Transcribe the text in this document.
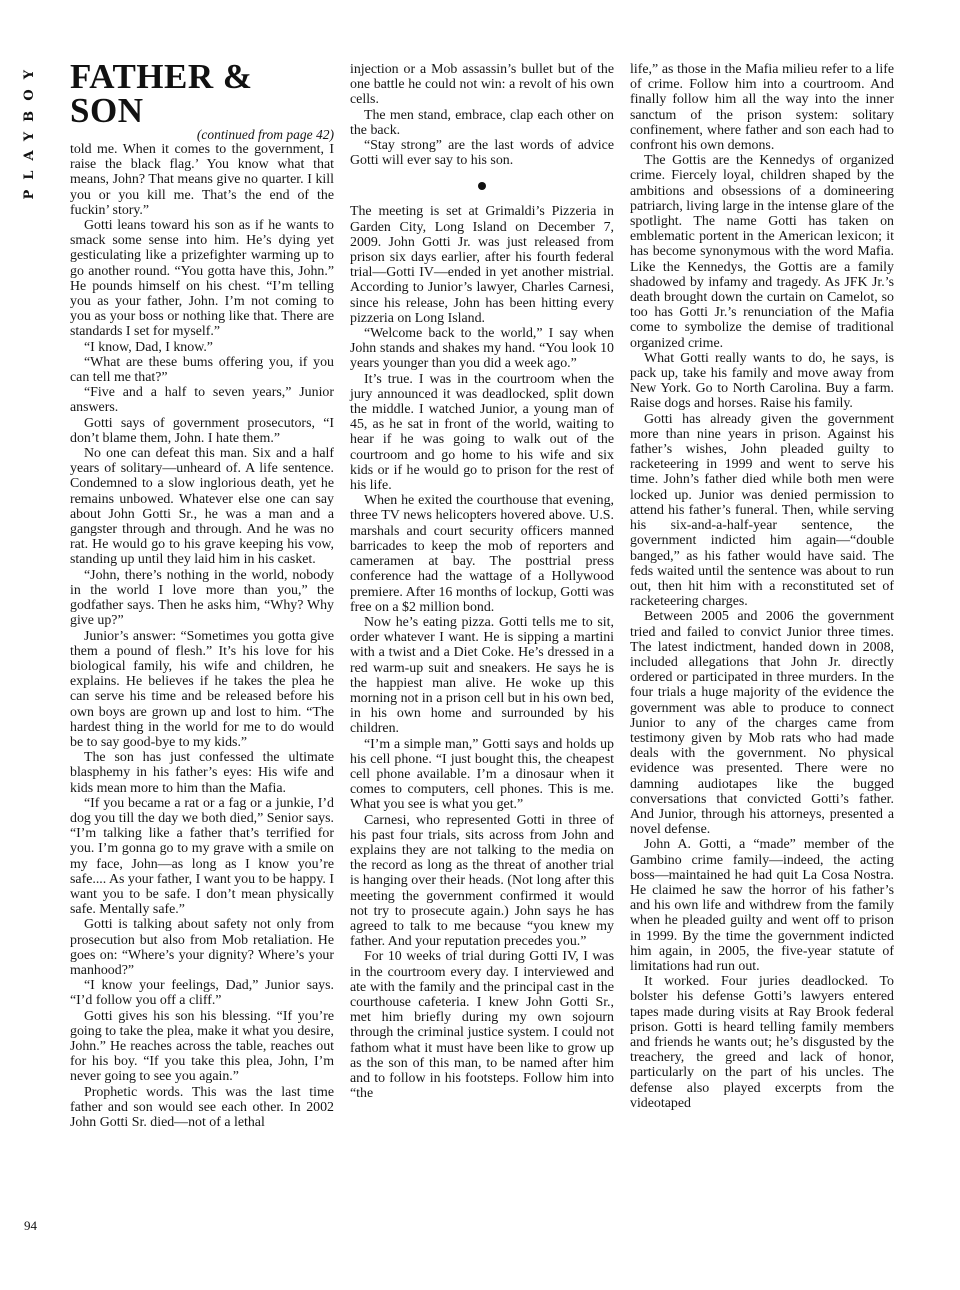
PLAYBOY
94
FATHER & SON
(continued from page 42)

told me. When it comes to the government, I raise the black flag.’ You know what that means, John? That means give no quarter. I kill you or you kill me. That’s the end of the fuckin’ story.”

Gotti leans toward his son as if he wants to smack some sense into him. He’s dying yet gesticulating like a prizefighter warming up to go another round. “You gotta have this, John.” He pounds himself on his chest. “I’m telling you as your father, John. I’m not coming to you as your boss or nothing like that. There are standards I set for myself.”

“I know, Dad, I know.”

“What are these bums offering you, if you can tell me that?”

“Five and a half to seven years,” Junior answers.

Gotti says of government prosecutors, “I don’t blame them, John. I hate them.”

No one can defeat this man. Six and a half years of solitary—unheard of. A life sentence. Condemned to a slow inglorious death, yet he remains unbowed. Whatever else one can say about John Gotti Sr., he was a man and a gangster through and through. And he was no rat. He would go to his grave keeping his vow, standing up until they laid him in his casket.

“John, there’s nothing in the world, nobody in the world I love more than you,” the godfather says. Then he asks him, “Why? Why give up?”

Junior’s answer: “Sometimes you gotta give them a pound of flesh.” It’s his love for his biological family, his wife and children, he explains. He believes if he takes the plea he can serve his time and be released before his own boys are grown up and lost to him. “The hardest thing in the world for me to do would be to say good-bye to my kids.”

The son has just confessed the ultimate blasphemy in his father’s eyes: His wife and kids mean more to him than the Mafia.

“If you became a rat or a fag or a junkie, I’d dog you till the day we both died,” Senior says. “I’m talking like a father that’s terrified for you. I’m gonna go to my grave with a smile on my face, John—as long as I know you’re safe.... As your father, I want you to be happy. I want you to be safe. I don’t mean physically safe. Mentally safe.”

Gotti is talking about safety not only from prosecution but also from Mob retaliation. He goes on: “Where’s your dignity? Where’s your manhood?”

“I know your feelings, Dad,” Junior says. “I’d follow you off a cliff.”

Gotti gives his son his blessing. “If you’re going to take the plea, make it what you desire, John.” He reaches across the table, reaches out for his boy. “If you take this plea, John, I’m never going to see you again.”

Prophetic words. This was the last time father and son would see each other. In 2002 John Gotti Sr. died—not of a lethal

injection or a Mob assassin’s bullet but of the one battle he could not win: a revolt of his own cells.

The men stand, embrace, clap each other on the back.

“Stay strong” are the last words of advice Gotti will ever say to his son.

The meeting is set at Grimaldi’s Pizzeria in Garden City, Long Island on December 7, 2009. John Gotti Jr. was just released from prison six days earlier, after his fourth federal trial—Gotti IV—ended in yet another mistrial. According to Junior’s lawyer, Charles Carnesi, since his release, John has been hitting every pizzeria on Long Island.

“Welcome back to the world,” I say when John stands and shakes my hand. “You look 10 years younger than you did a week ago.”

It’s true. I was in the courtroom when the jury announced it was deadlocked, split down the middle. I watched Junior, a young man of 45, as he sat in front of the world, waiting to hear if he was going to walk out of the courtroom and go home to his wife and six kids or if he would go to prison for the rest of his life.

When he exited the courthouse that evening, three TV news helicopters hovered above. U.S. marshals and court security officers manned barricades to keep the mob of reporters and cameramen at bay. The posttrial press conference had the wattage of a Hollywood premiere. After 16 months of lockup, Gotti was free on a $2 million bond.

Now he’s eating pizza. Gotti tells me to sit, order whatever I want. He is sipping a martini with a twist and a Diet Coke. He’s dressed in a red warm-up suit and sneakers. He says he is the happiest man alive. He woke up this morning not in a prison cell but in his own bed, in his own home and surrounded by his children.

“I’m a simple man,” Gotti says and holds up his cell phone. “I just bought this, the cheapest cell phone available. I’m a dinosaur when it comes to computers, cell phones. This is me. What you see is what you get.”

Carnesi, who represented Gotti in three of his past four trials, sits across from John and explains they are not talking to the media on the record as long as the threat of another trial is hanging over their heads. (Not long after this meeting the government confirmed it would not try to prosecute again.) John says he has agreed to talk to me because “you knew my father. And your reputation precedes you.”

For 10 weeks of trial during Gotti IV, I was in the courtroom every day. I interviewed and ate with the family and the principal cast in the courthouse cafeteria. I knew John Gotti Sr., met him briefly during my own sojourn through the criminal justice system. I could not fathom what it must have been like to grow up as the son of this man, to be named after him and to follow in his footsteps. Follow him into “the

life,” as those in the Mafia milieu refer to a life of crime. Follow him into a courtroom. And finally follow him all the way into the inner sanctum of the prison system: solitary confinement, where father and son each had to confront his own demons.

The Gottis are the Kennedys of organized crime. Fiercely loyal, children shaped by the ambitions and obsessions of a domineering patriarch, living large in the intense glare of the spotlight. The name Gotti has taken on emblematic portent in the American lexicon; it has become synonymous with the word Mafia. Like the Kennedys, the Gottis are a family shadowed by infamy and tragedy. As JFK Jr.’s death brought down the curtain on Camelot, so too has Gotti Jr.’s renunciation of the Mafia come to symbolize the demise of traditional organized crime.

What Gotti really wants to do, he says, is pack up, take his family and move away from New York. Go to North Carolina. Buy a farm. Raise dogs and horses. Raise his family.

Gotti has already given the government more than nine years in prison. Against his father’s wishes, John pleaded guilty to racketeering in 1999 and went to serve his time. John’s father died while both men were locked up. Junior was denied permission to attend his father’s funeral. Then, while serving his six-and-a-half-year sentence, the government indicted him again—“double banged,” as his father would have said. The feds waited until the sentence was about to run out, then hit him with a reconstituted set of racketeering charges.

Between 2005 and 2006 the government tried and failed to convict Junior three times. The latest indictment, handed down in 2008, included allegations that John Jr. directly ordered or participated in three murders. In the four trials a huge majority of the evidence the government was able to produce to connect Junior to any of the charges came from testimony given by Mob rats who had made deals with the government. No physical evidence was presented. There were no damning audiotapes like the bugged conversations that convicted Gotti’s father. And Junior, through his attorneys, presented a novel defense.

John A. Gotti, a “made” member of the Gambino crime family—indeed, the acting boss—maintained he had quit La Cosa Nostra. He claimed he saw the horror of his father’s and his own life and withdrew from the family when he pleaded guilty and went off to prison in 1999. By the time the government indicted him again, in 2005, the five-year statute of limitations had run out.

It worked. Four juries deadlocked. To bolster his defense Gotti’s lawyers entered tapes made during visits at Ray Brook federal prison. Gotti is heard telling family members and friends he wants out; he’s disgusted by the treachery, the greed and lack of honor, particularly on the part of his uncles. The defense also played excerpts from the videotaped
